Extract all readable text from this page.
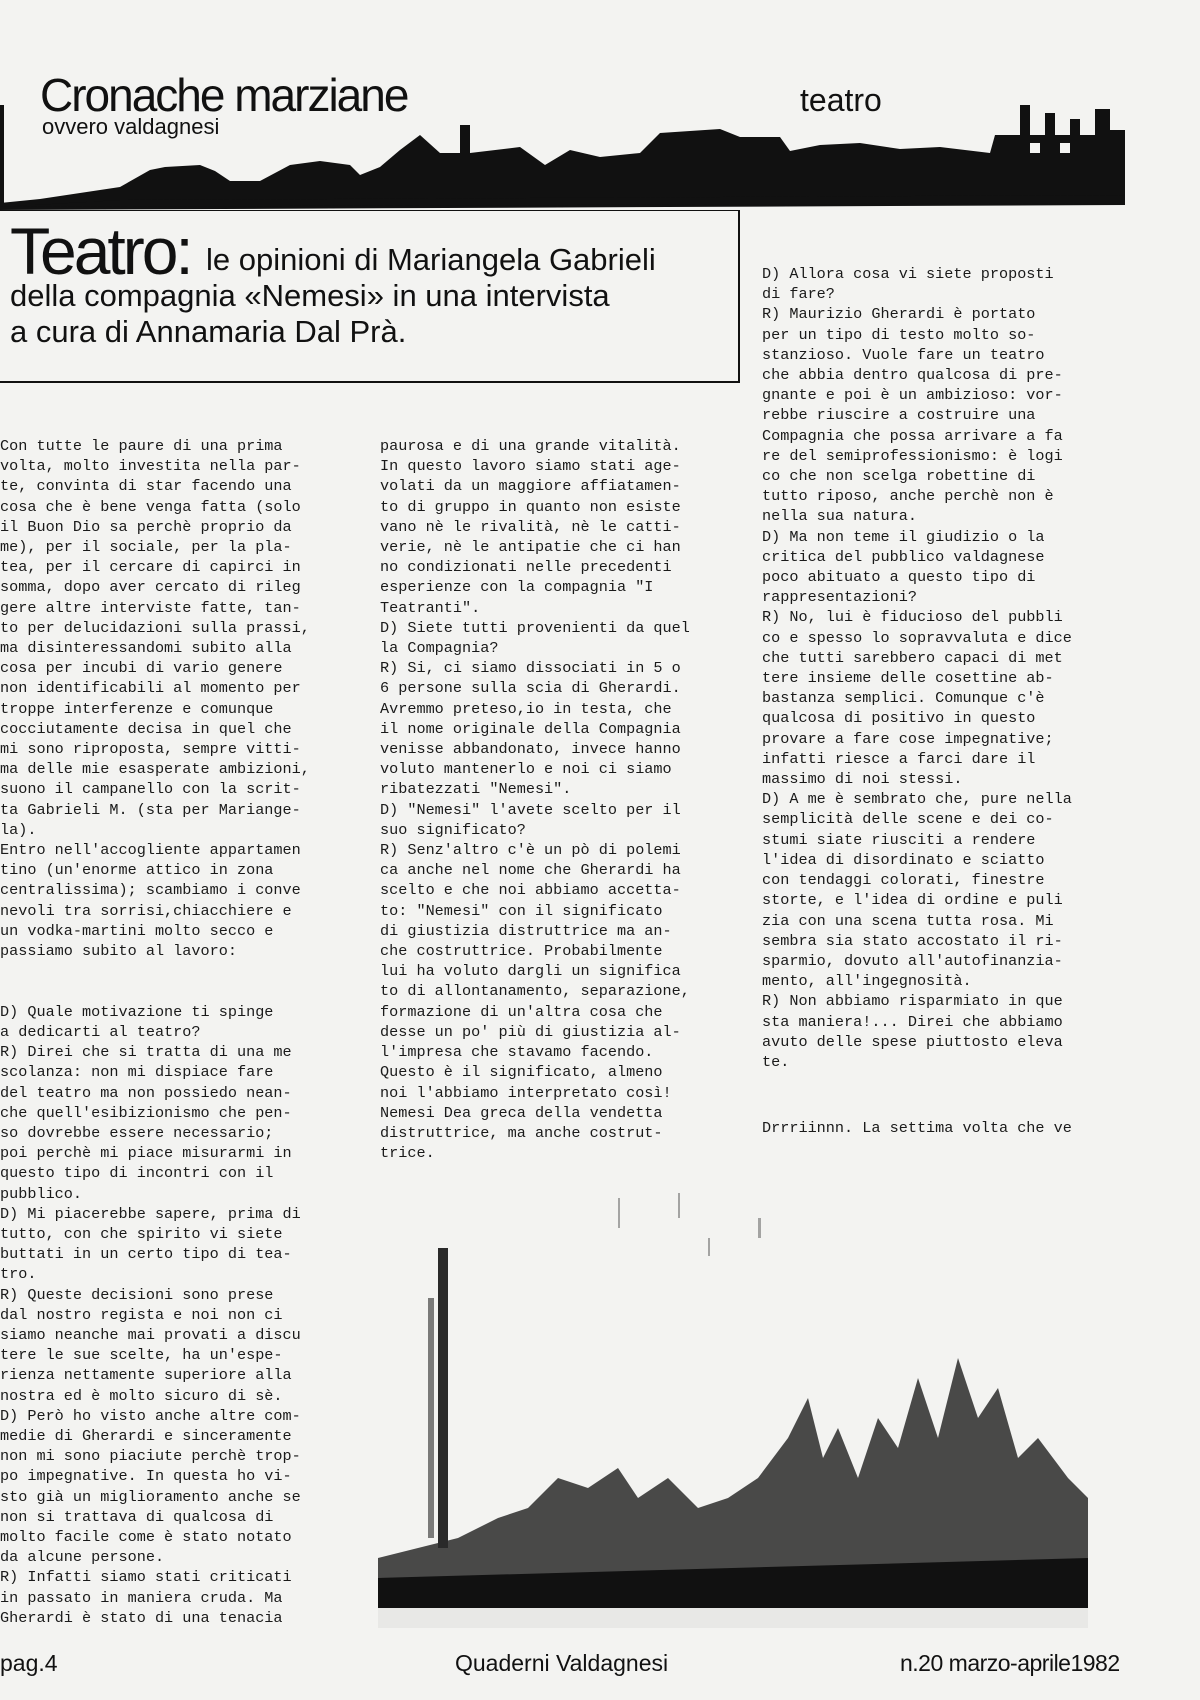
Cronache marziane
ovvero valdagnesi
teatro
Teatro: le opinioni di Mariangela Gabrieli
della compagnia «Nemesi» in una intervista
a cura di Annamaria Dal Prà.
Con tutte le paure di una prima
volta, molto investita nella par-
te, convinta di star facendo una
cosa che è bene venga fatta (solo
il Buon Dio sa perchè proprio da
me), per il sociale, per la pla-
tea, per il cercare di capirci in
somma, dopo aver cercato di rileg
gere altre interviste fatte, tan-
to per delucidazioni sulla prassi,
ma disinteressandomi subito alla
cosa per incubi di vario genere
non identificabili al momento per
troppe interferenze e comunque
cocciutamente decisa in quel che
mi sono riproposta, sempre vitti-
ma delle mie esasperate ambizioni,
suono il campanello con la scrit-
ta Gabrieli M. (sta per Mariange-
la).
Entro nell'accogliente appartamen
tino (un'enorme attico in zona
centralissima); scambiamo i conve
nevoli tra sorrisi,chiacchiere e
un vodka-martini molto secco e
passiamo subito al lavoro:

D) Quale motivazione ti spinge
a dedicarti al teatro?
R) Direi che si tratta di una me
scolanza: non mi dispiace fare
del teatro ma non possiedo nean-
che quell'esibizionismo che pen-
so dovrebbe essere necessario;
poi perchè mi piace misurarmi in
questo tipo di incontri con il
pubblico.
D) Mi piacerebbe sapere, prima di
tutto, con che spirito vi siete
buttati in un certo tipo di tea-
tro.
R) Queste decisioni sono prese
dal nostro regista e noi non ci
siamo neanche mai provati a discu
tere le sue scelte, ha un'espe-
rienza nettamente superiore alla
nostra ed è molto sicuro di sè.
D) Però ho visto anche altre com-
medie di Gherardi e sinceramente
non mi sono piaciute perchè trop-
po impegnative. In questa ho vi-
sto già un miglioramento anche se
non si trattava di qualcosa di
molto facile come è stato notato
da alcune persone.
R) Infatti siamo stati criticati
in passato in maniera cruda. Ma
Gherardi è stato di una tenacia
paurosa e di una grande vitalità.
In questo lavoro siamo stati age-
volati da un maggiore affiatamen-
to di gruppo in quanto non esiste
vano nè le rivalità, nè le catti-
verie, nè le antipatie che ci han
no condizionati nelle precedenti
esperienze con la compagnia "I
Teatranti".
D) Siete tutti provenienti da quel
la Compagnia?
R) Si, ci siamo dissociati in 5 o
6 persone sulla scia di Gherardi.
Avremmo preteso,io in testa, che
il nome originale della Compagnia
venisse abbandonato, invece hanno
voluto mantenerlo e noi ci siamo
ribatezzati "Nemesi".
D) "Nemesi" l'avete scelto per il
suo significato?
R) Senz'altro c'è un pò di polemi
ca anche nel nome che Gherardi ha
scelto e che noi abbiamo accetta-
to: "Nemesi" con il significato
di giustizia distruttrice ma an-
che costruttrice. Probabilmente
lui ha voluto dargli un significa
to di allontanamento, separazione,
formazione di un'altra cosa che
desse un po' più di giustizia al-
l'impresa che stavamo facendo.
Questo è il significato, almeno
noi l'abbiamo interpretato così!
Nemesi Dea greca della vendetta
distruttrice, ma anche costrut-
trice.
D) Allora cosa vi siete proposti
di fare?
R) Maurizio Gherardi è portato
per un tipo di testo molto so-
stanzioso. Vuole fare un teatro
che abbia dentro qualcosa di pre-
gnante e poi è un ambizioso: vor-
rebbe riuscire a costruire una
Compagnia che possa arrivare a fa
re del semiprofessionismo: è logi
co che non scelga robettine di
tutto riposo, anche perchè non è
nella sua natura.
D) Ma non teme il giudizio o la
critica del pubblico valdagnese
poco abituato a questo tipo di
rappresentazioni?
R) No, lui è fiducioso del pubbli
co e spesso lo sopravvaluta e dice
che tutti sarebbero capaci di met
tere insieme delle cosettine ab-
bastanza semplici. Comunque c'è
qualcosa di positivo in questo
provare a fare cose impegnative;
infatti riesce a farci dare il
massimo di noi stessi.
D) A me è sembrato che, pure nella
semplicità delle scene e dei co-
stumi siate riusciti a rendere
l'idea di disordinato e sciatto
con tendaggi colorati, finestre
storte, e l'idea di ordine e puli
zia con una scena tutta rosa. Mi
sembra sia stato accostato il ri-
sparmio, dovuto all'autofinanzia-
mento, all'ingegnosità.
R) Non abbiamo risparmiato in que
sta maniera!... Direi che abbiamo
avuto delle spese piuttosto eleva
te.
Drrriinnn. La settima volta che ve
pag.4	Quaderni Valdagnesi	n.20 marzo-aprile1982
